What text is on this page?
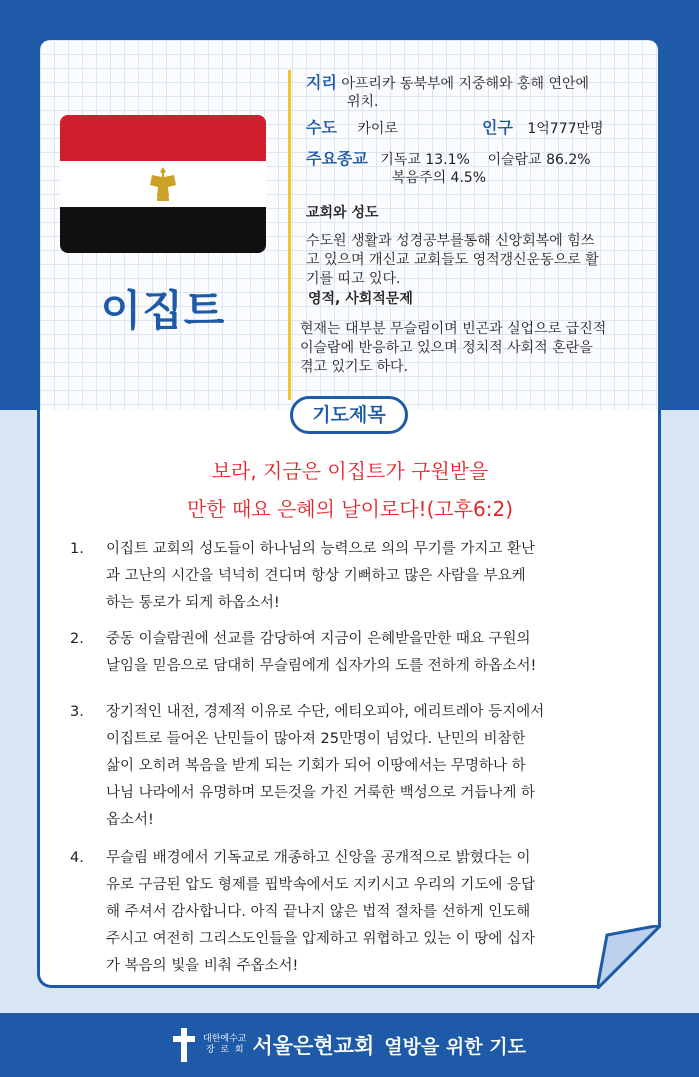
이집트
지리 아프리카 동북부에 지중해와 홍해 연안에
위치.
수도 카이로	인구 1억777만명
주요종교 기독교 13.1%    이슬람교 86.2%
복음주의 4.5%
교회와 성도
수도원 생활과 성경공부를통해 신앙회복에 힘쓰
고 있으며 개신교 교회들도 영적갱신운동으로 활
기를 띠고 있다.
영적, 사회적문제
현재는 대부분 무슬림이며 빈곤과 실업으로 급진적
이슬람에 반응하고 있으며 정치적 사회적 혼란을
겪고 있기도 하다.
기도제목
보라, 지금은 이집트가 구원받을
만한 때요 은혜의 날이로다!(고후6:2)
1.	이집트 교회의 성도들이 하나님의 능력으로 의의 무기를 가지고 환난
과 고난의 시간을 넉넉히 견디며 항상 기뻐하고 많은 사람을 부요케
하는 통로가 되게 하옵소서!
2.	중동 이슬람권에 선교를 감당하여 지금이 은혜받을만한 때요 구원의
날임을 믿음으로 담대히 무슬림에게 십자가의 도를 전하게 하옵소서!
3.	장기적인 내전, 경제적 이유로 수단, 에티오피아, 에리트레아 등지에서
이집트로 들어온 난민들이 많아져 25만명이 넘었다. 난민의 비참한
삶이 오히려 복음을 받게 되는 기회가 되어 이땅에서는 무명하나 하
나님 나라에서 유명하며 모든것을 가진 거룩한 백성으로 거듭나게 하
옵소서!
4.	무슬림 배경에서 기독교로 개종하고 신앙을 공개적으로 밝혔다는 이
유로 구금된 압도 형제를 핍박속에서도 지키시고 우리의 기도에 응답
해 주셔서 감사합니다. 아직 끝나지 않은 법적 절차를 선하게 인도해
주시고 여전히 그리스도인들을 압제하고 위협하고 있는 이 땅에 십자
가 복음의 빛을 비춰 주옵소서!
대한예수교
장  로  회 서울은현교회 열방을 위한 기도
